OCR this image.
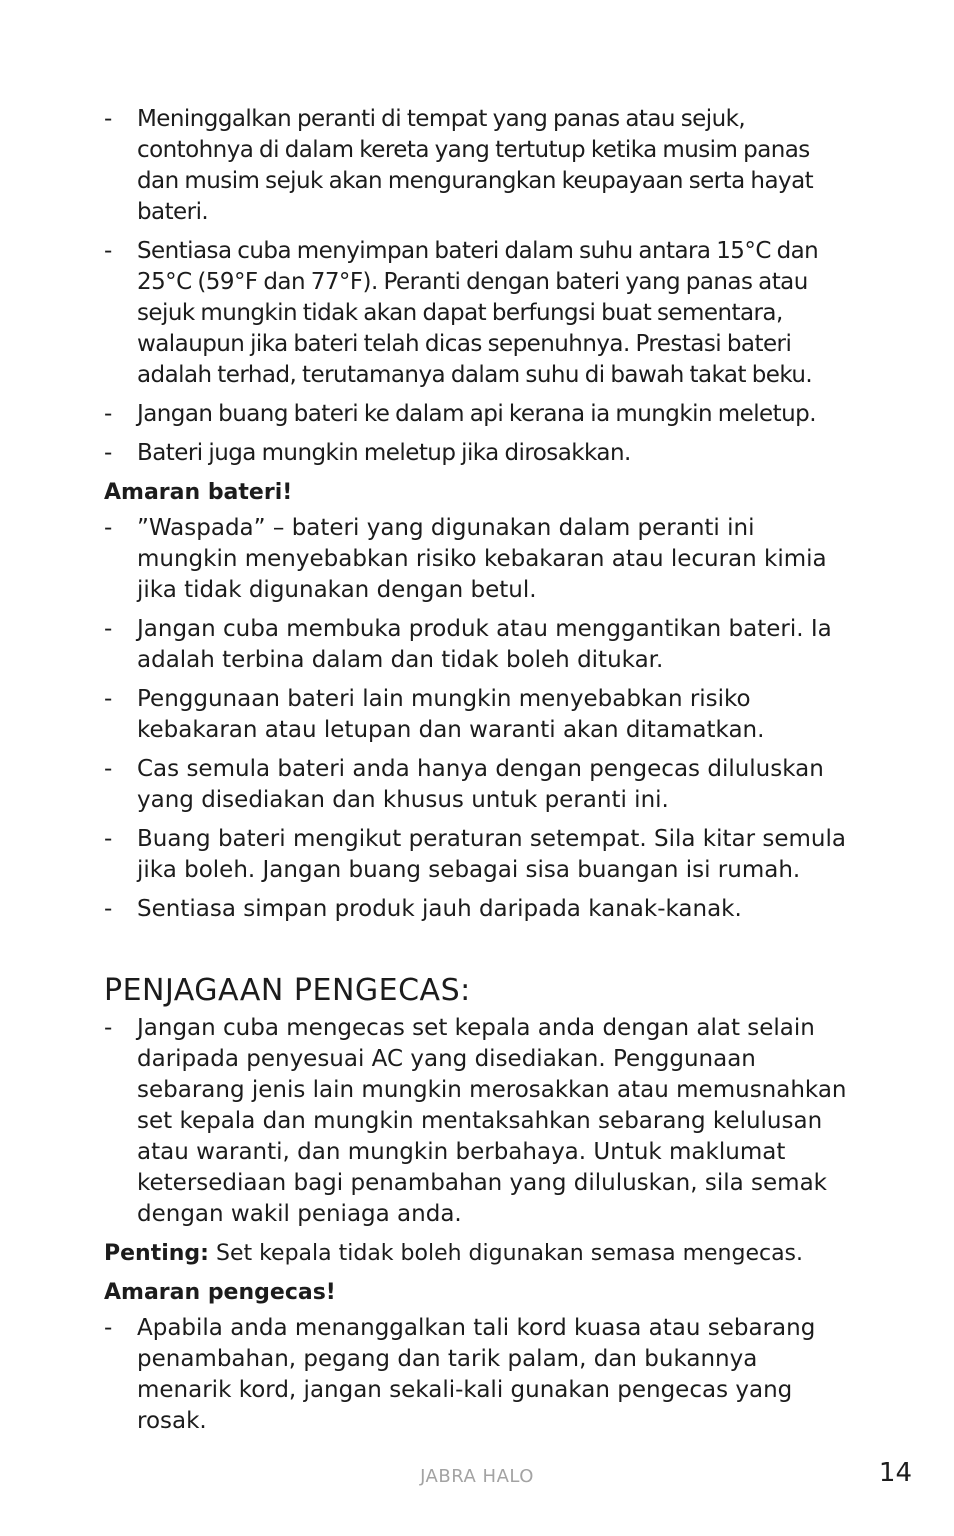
- Meninggalkan peranti di tempat yang panas atau sejuk, contohnya di dalam kereta yang tertutup ketika musim panas dan musim sejuk akan mengurangkan keupayaan serta hayat bateri.
- Sentiasa cuba menyimpan bateri dalam suhu antara 15°C dan 25°C (59°F dan 77°F). Peranti dengan bateri yang panas atau sejuk mungkin tidak akan dapat berfungsi buat sementara, walaupun jika bateri telah dicas sepenuhnya. Prestasi bateri adalah terhad, terutamanya dalam suhu di bawah takat beku.
- Jangan buang bateri ke dalam api kerana ia mungkin meletup.
- Bateri juga mungkin meletup jika dirosakkan.
Amaran bateri!
- ”Waspada” – bateri yang digunakan dalam peranti ini mungkin menyebabkan risiko kebakaran atau lecuran kimia jika tidak digunakan dengan betul.
- Jangan cuba membuka produk atau menggantikan bateri. Ia adalah terbina dalam dan tidak boleh ditukar.
- Penggunaan bateri lain mungkin menyebabkan risiko kebakaran atau letupan dan waranti akan ditamatkan.
- Cas semula bateri anda hanya dengan pengecas diluluskan yang disediakan dan khusus untuk peranti ini.
- Buang bateri mengikut peraturan setempat. Sila kitar semula jika boleh. Jangan buang sebagai sisa buangan isi rumah.
- Sentiasa simpan produk jauh daripada kanak-kanak.
PENJAGAAN PENGECAS:
- Jangan cuba mengecas set kepala anda dengan alat selain daripada penyesuai AC yang disediakan. Penggunaan sebarang jenis lain mungkin merosakkan atau memusnahkan set kepala dan mungkin mentaksahkan sebarang kelulusan atau waranti, dan mungkin berbahaya. Untuk maklumat ketersediaan bagi penambahan yang diluluskan, sila semak dengan wakil peniaga anda.

Penting: Set kepala tidak boleh digunakan semasa mengecas.

Amaran pengecas!
- Apabila anda menanggalkan tali kord kuasa atau sebarang penambahan, pegang dan tarik palam, dan bukannya menarik kord, jangan sekali-kali gunakan pengecas yang rosak.
JABRA HALO	14
